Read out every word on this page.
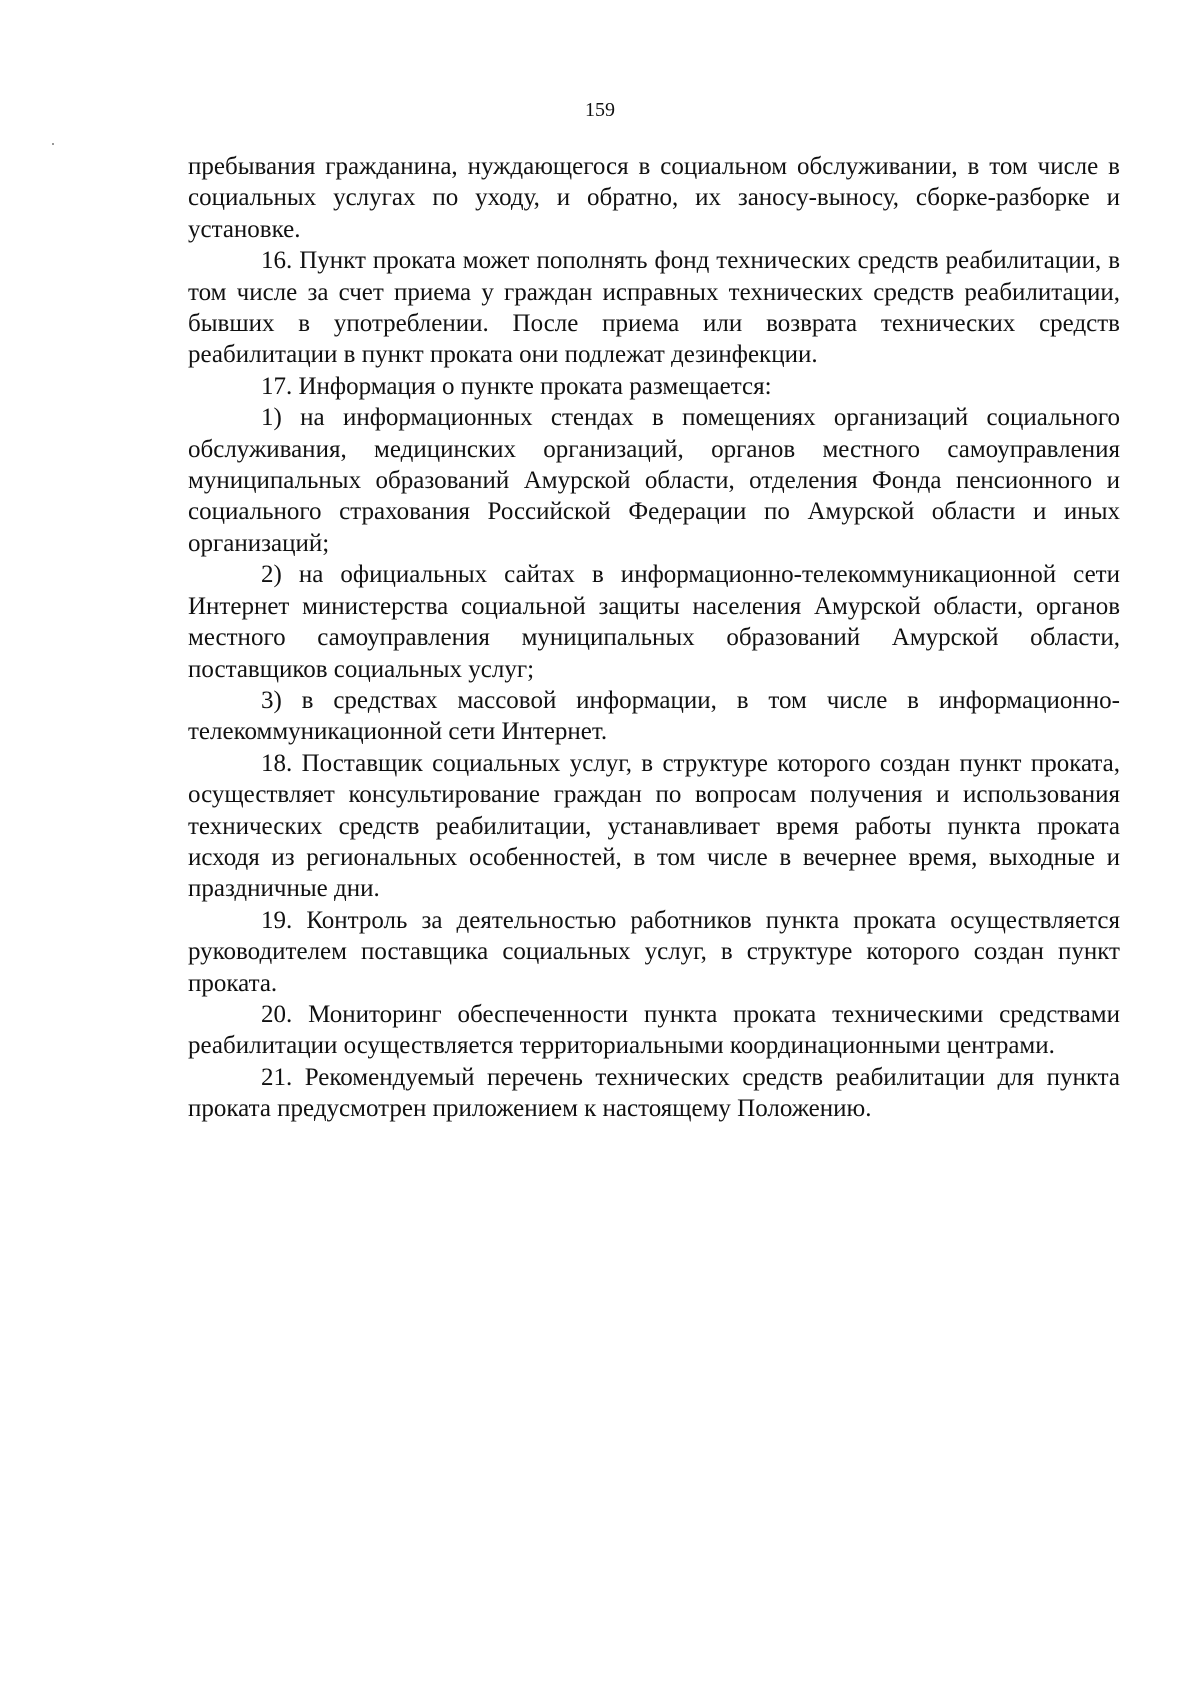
159

пребывания гражданина, нуждающегося в социальном обслуживании, в том числе в социальных услугах по уходу, и обратно, их заносу-выносу, сборке-разборке и установке.

16. Пункт проката может пополнять фонд технических средств реабилитации, в том числе за счет приема у граждан исправных технических средств реабилитации, бывших в употреблении. После приема или возврата технических средств реабилитации в пункт проката они подлежат дезинфекции.

17. Информация о пункте проката размещается:

1) на информационных стендах в помещениях организаций социального обслуживания, медицинских организаций, органов местного самоуправления муниципальных образований Амурской области, отделения Фонда пенсионного и социального страхования Российской Федерации по Амурской области и иных организаций;

2) на официальных сайтах в информационно-телекоммуникационной сети Интернет министерства социальной защиты населения Амурской области, органов местного самоуправления муниципальных образований Амурской области, поставщиков социальных услуг;

3) в средствах массовой информации, в том числе в информационно-телекоммуникационной сети Интернет.

18. Поставщик социальных услуг, в структуре которого создан пункт проката, осуществляет консультирование граждан по вопросам получения и использования технических средств реабилитации, устанавливает время работы пункта проката исходя из региональных особенностей, в том числе в вечернее время, выходные и праздничные дни.

19. Контроль за деятельностью работников пункта проката осуществляется руководителем поставщика социальных услуг, в структуре которого создан пункт проката.

20. Мониторинг обеспеченности пункта проката техническими средствами реабилитации осуществляется территориальными координационными центрами.

21. Рекомендуемый перечень технических средств реабилитации для пункта проката предусмотрен приложением к настоящему Положению.
